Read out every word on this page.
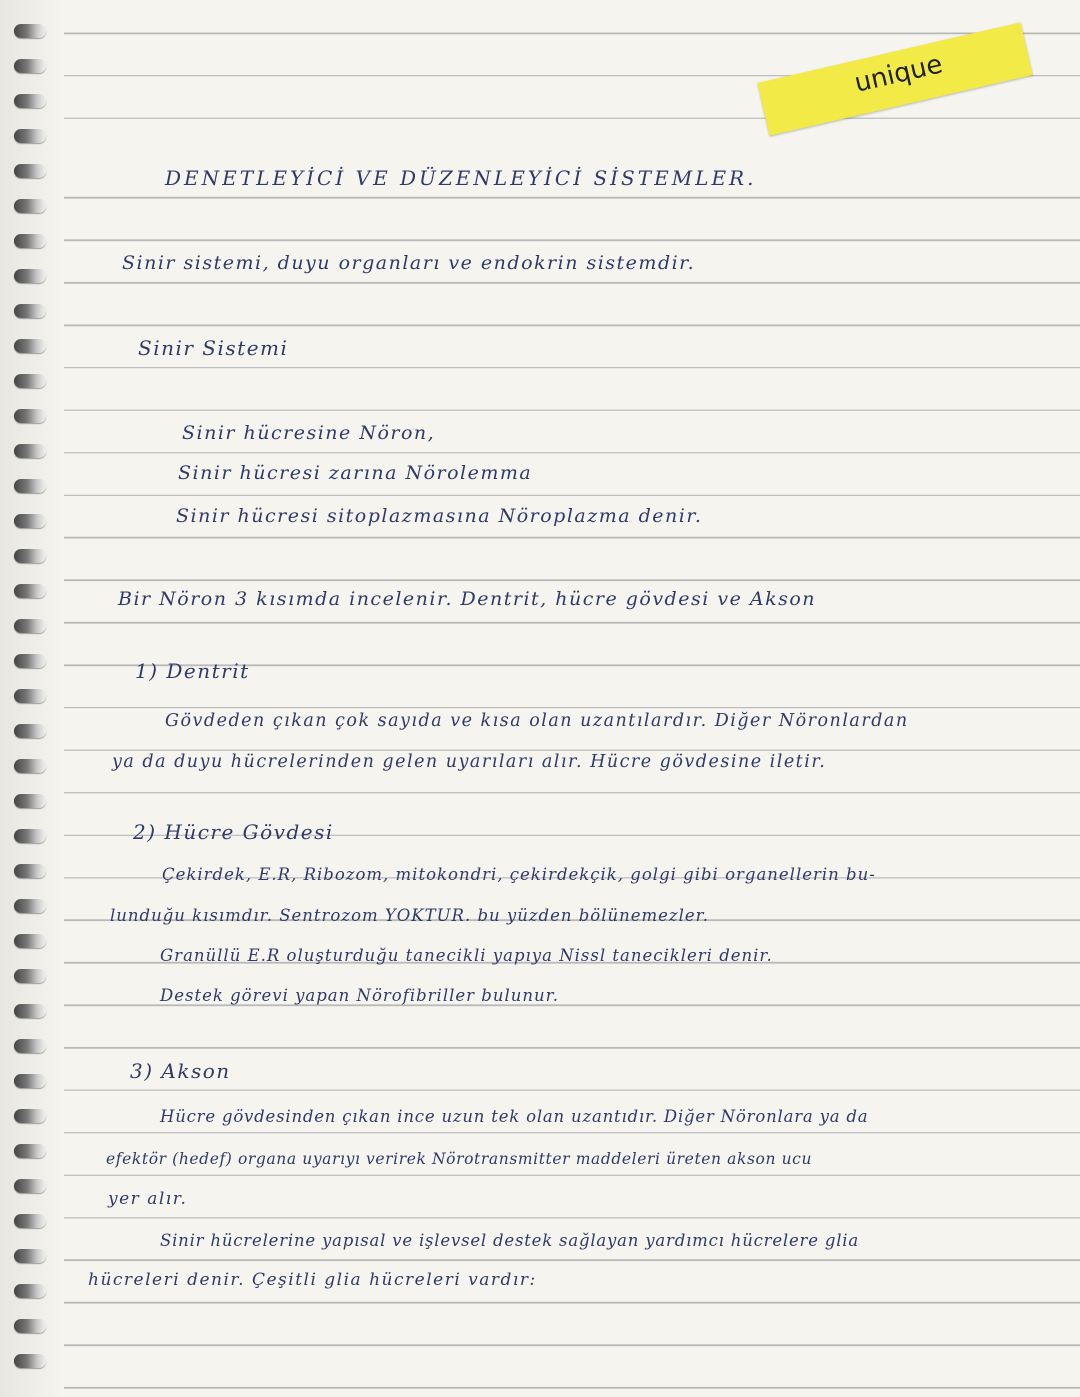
unique
DENETLEYİCİ VE DÜZENLEYİCİ SİSTEMLER.
Sinir sistemi, duyu organları ve endokrin sistemdir.
Sinir Sistemi
Sinir hücresine Nöron,
Sinir hücresi zarına Nörolemma
Sinir hücresi sitoplazmasına Nöroplazma denir.
Bir Nöron 3 kısımda incelenir. Dentrit, hücre gövdesi ve Akson
1) Dentrit
Gövdeden çıkan çok sayıda ve kısa olan uzantılardır. Diğer Nöronlardan
ya da duyu hücrelerinden gelen uyarıları alır. Hücre gövdesine iletir.
2) Hücre Gövdesi
Çekirdek, E.R, Ribozom, mitokondri, çekirdekçik, golgi gibi organellerin bu-
lunduğu kısımdır. Sentrozom YOKTUR. bu yüzden bölünemezler.
Granüllü E.R oluşturduğu tanecikli yapıya Nissl tanecikleri denir.
Destek görevi yapan Nörofibriller bulunur.
3) Akson
Hücre gövdesinden çıkan ince uzun tek olan uzantıdır. Diğer Nöronlara ya da
efektör (hedef) organa uyarıyı verirek Nörotransmitter maddeleri üreten akson ucu
yer alır.
Sinir hücrelerine yapısal ve işlevsel destek sağlayan yardımcı hücrelere glia
hücreleri denir. Çeşitli glia hücreleri vardır:
